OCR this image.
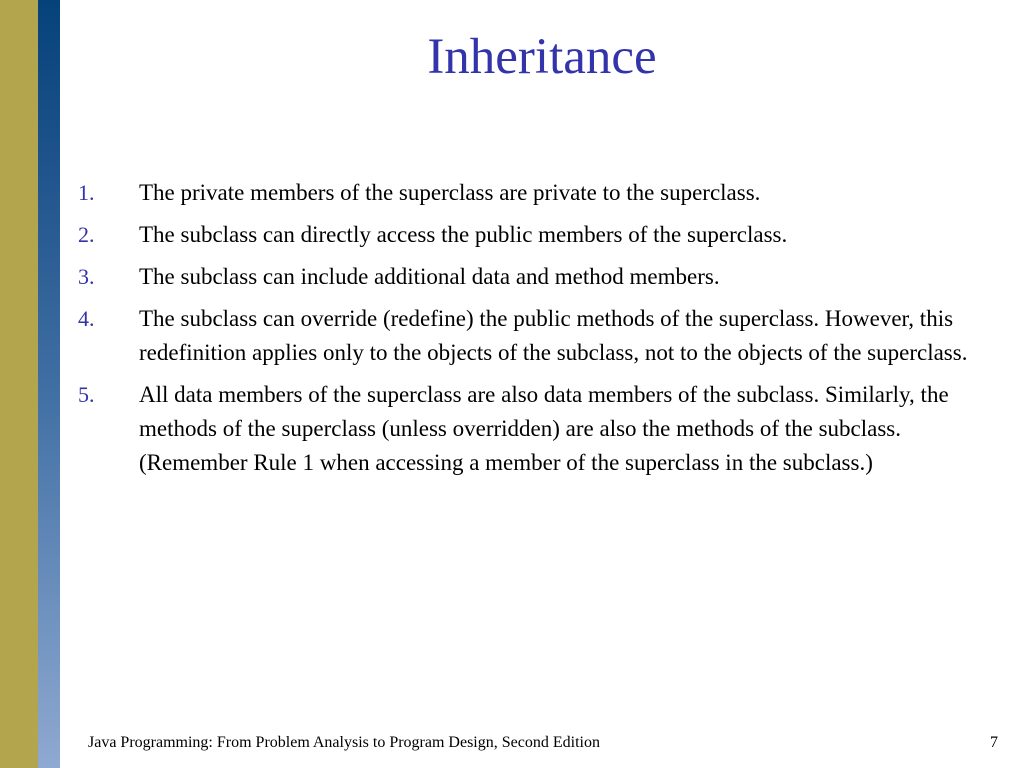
Inheritance
1.	The private members of the superclass are private to the superclass.
2.	The subclass can directly access the public members of the superclass.
3.	The subclass can include additional data and method members.
4.	The subclass can override (redefine) the public methods of the superclass. However, this redefinition applies only to the objects of the subclass, not to the objects of the superclass.
5.	All data members of the superclass are also data members of the subclass. Similarly, the methods of the superclass (unless overridden) are also the methods of the subclass. (Remember Rule 1 when accessing a member of the superclass in the subclass.)
Java Programming: From Problem Analysis to Program Design, Second Edition	7
